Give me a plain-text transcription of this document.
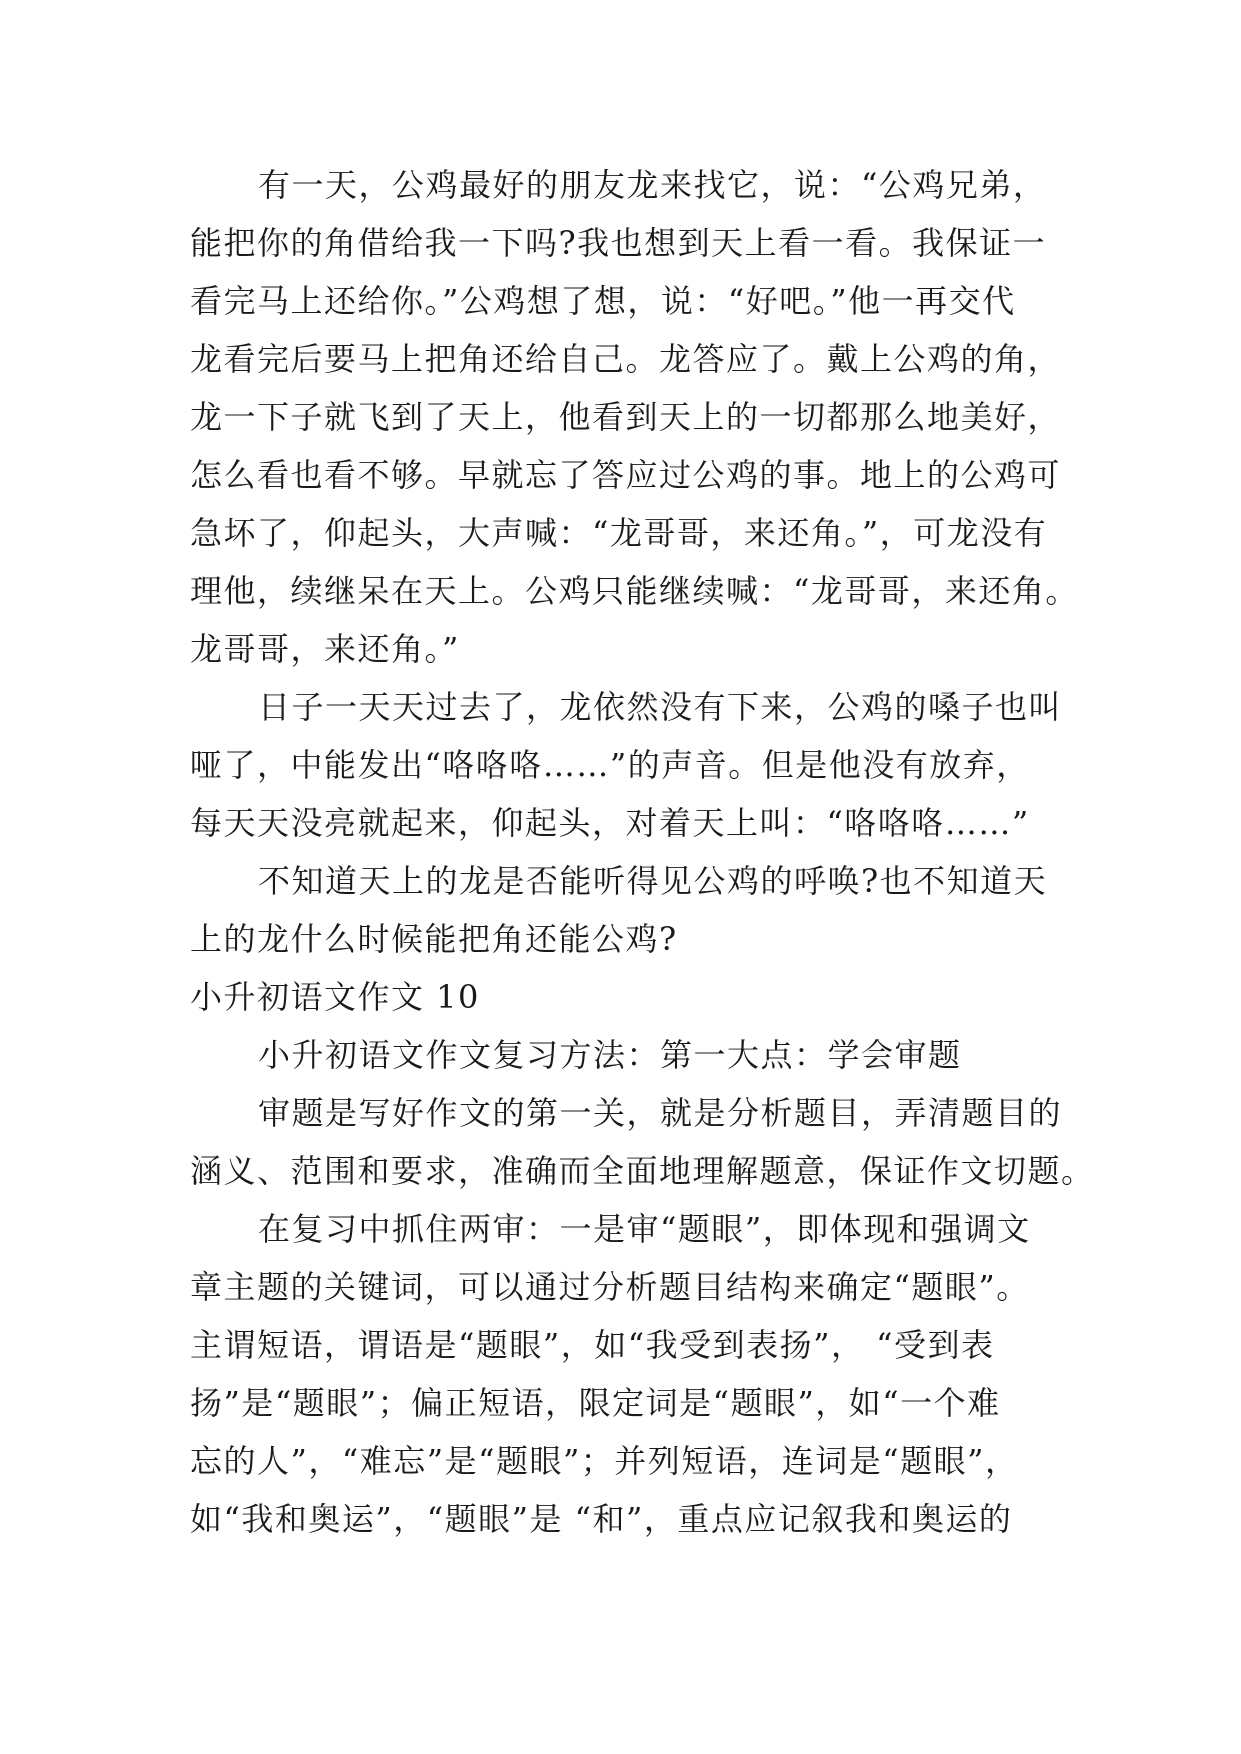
有一天，公鸡最好的朋友龙来找它，说：“公鸡兄弟，
能把你的角借给我一下吗?我也想到天上看一看。我保证一
看完马上还给你。”公鸡想了想，说：“好吧。”他一再交代
龙看完后要马上把角还给自己。龙答应了。戴上公鸡的角，
龙一下子就飞到了天上，他看到天上的一切都那么地美好，
怎么看也看不够。早就忘了答应过公鸡的事。地上的公鸡可
急坏了，仰起头，大声喊：“龙哥哥，来还角。”，可龙没有
理他，续继呆在天上。公鸡只能继续喊：“龙哥哥，来还角。
龙哥哥，来还角。”
日子一天天过去了，龙依然没有下来，公鸡的嗓子也叫
哑了，中能发出“咯咯咯……”的声音。但是他没有放弃，
每天天没亮就起来，仰起头，对着天上叫：“咯咯咯……”
不知道天上的龙是否能听得见公鸡的呼唤?也不知道天
上的龙什么时候能把角还能公鸡?
小升初语文作文 10
小升初语文作文复习方法：第一大点：学会审题
审题是写好作文的第一关，就是分析题目，弄清题目的
涵义、范围和要求，准确而全面地理解题意，保证作文切题。
在复习中抓住两审：一是审“题眼”，即体现和强调文
章主题的关键词，可以通过分析题目结构来确定“题眼”。
主谓短语，谓语是“题眼”，如“我受到表扬”， “受到表
扬”是“题眼”；偏正短语，限定词是“题眼”，如“一个难
忘的人”，“难忘”是“题眼”；并列短语，连词是“题眼”，
如“我和奥运”，“题眼”是 “和”，重点应记叙我和奥运的
